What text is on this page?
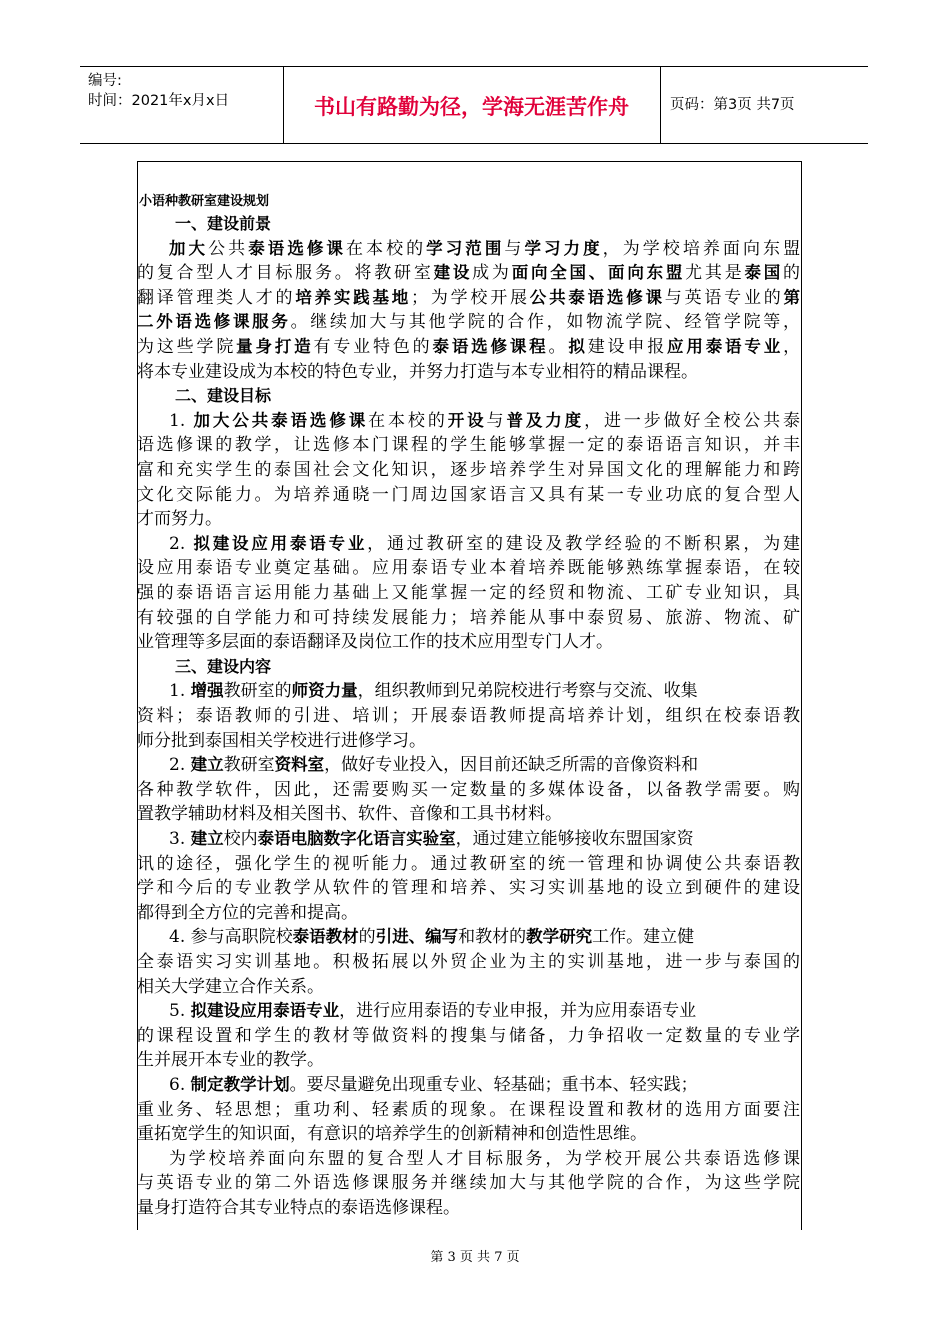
编号:
时间：2021年x月x日	书山有路勤为径，学海无涯苦作舟	页码：第3页 共7页
小语种教研室建设规划
一、建设前景
加大公共泰语选修课在本校的学习范围与学习力度，为学校培养面向东盟
的复合型人才目标服务。将教研室建设成为面向全国、面向东盟尤其是泰国的
翻译管理类人才的培养实践基地；为学校开展公共泰语选修课与英语专业的第
二外语选修课服务。继续加大与其他学院的合作，如物流学院、经管学院等，
为这些学院量身打造有专业特色的泰语选修课程。拟建设申报应用泰语专业，
将本专业建设成为本校的特色专业，并努力打造与本专业相符的精品课程。
二、建设目标
1. 加大公共泰语选修课在本校的开设与普及力度，进一步做好全校公共泰
语选修课的教学，让选修本门课程的学生能够掌握一定的泰语语言知识，并丰
富和充实学生的泰国社会文化知识，逐步培养学生对异国文化的理解能力和跨
文化交际能力。为培养通晓一门周边国家语言又具有某一专业功底的复合型人
才而努力。
2. 拟建设应用泰语专业，通过教研室的建设及教学经验的不断积累，为建
设应用泰语专业奠定基础。应用泰语专业本着培养既能够熟练掌握泰语，在较
强的泰语语言运用能力基础上又能掌握一定的经贸和物流、工矿专业知识，具
有较强的自学能力和可持续发展能力；培养能从事中泰贸易、旅游、物流、矿
业管理等多层面的泰语翻译及岗位工作的技术应用型专门人才。
三、建设内容
1. 增强教研室的师资力量，组织教师到兄弟院校进行考察与交流、收集
资料；泰语教师的引进、培训；开展泰语教师提高培养计划，组织在校泰语教
师分批到泰国相关学校进行进修学习。
2. 建立教研室资料室，做好专业投入，因目前还缺乏所需的音像资料和
各种教学软件，因此，还需要购买一定数量的多媒体设备，以备教学需要。购
置教学辅助材料及相关图书、软件、音像和工具书材料。
3. 建立校内泰语电脑数字化语言实验室，通过建立能够接收东盟国家资
讯的途径，强化学生的视听能力。通过教研室的统一管理和协调使公共泰语教
学和今后的专业教学从软件的管理和培养、实习实训基地的设立到硬件的建设
都得到全方位的完善和提高。
4. 参与高职院校泰语教材的引进、编写和教材的教学研究工作。建立健
全泰语实习实训基地。积极拓展以外贸企业为主的实训基地，进一步与泰国的
相关大学建立合作关系。
5. 拟建设应用泰语专业，进行应用泰语的专业申报，并为应用泰语专业
的课程设置和学生的教材等做资料的搜集与储备，力争招收一定数量的专业学
生并展开本专业的教学。
6. 制定教学计划。要尽量避免出现重专业、轻基础；重书本、轻实践；
重业务、轻思想；重功利、轻素质的现象。在课程设置和教材的选用方面要注
重拓宽学生的知识面，有意识的培养学生的创新精神和创造性思维。
为学校培养面向东盟的复合型人才目标服务，为学校开展公共泰语选修课
与英语专业的第二外语选修课服务并继续加大与其他学院的合作，为这些学院
量身打造符合其专业特点的泰语选修课程。
第 3 页 共 7 页
